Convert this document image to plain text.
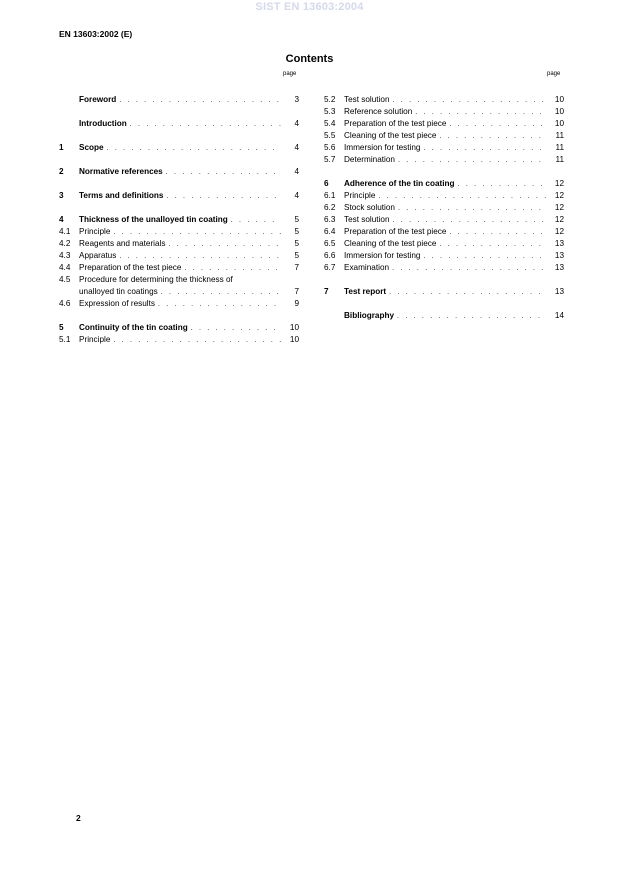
SIST EN 13603:2004
EN 13603:2002 (E)
Contents
page	page
Foreword . . .	3
Introduction . . .	4
1	Scope . . .	4
2	Normative references . . .	4
3	Terms and definitions . . .	4
4	Thickness of the unalloyed tin coating . . .	5
4.1	Principle . . .	5
4.2	Reagents and materials . . .	5
4.3	Apparatus . . .	5
4.4	Preparation of the test piece . . .	7
4.5	Procedure for determining the thickness of
unalloyed tin coatings . . .	7
4.6	Expression of results . . .	9
5	Continuity of the tin coating . . .	10
5.1	Principle . . .	10
5.2	Test solution . . .	10
5.3	Reference solution . . .	10
5.4	Preparation of the test piece . . .	10
5.5	Cleaning of the test piece . . .	11
5.6	Immersion for testing . . .	11
5.7	Determination . . .	11
6	Adherence of the tin coating . . .	12
6.1	Principle . . .	12
6.2	Stock solution . . .	12
6.3	Test solution . . .	12
6.4	Preparation of the test piece . . .	12
6.5	Cleaning of the test piece . . .	13
6.6	Immersion for testing . . .	13
6.7	Examination . . .	13
7	Test report . . .	13
Bibliography . . .	14
2
